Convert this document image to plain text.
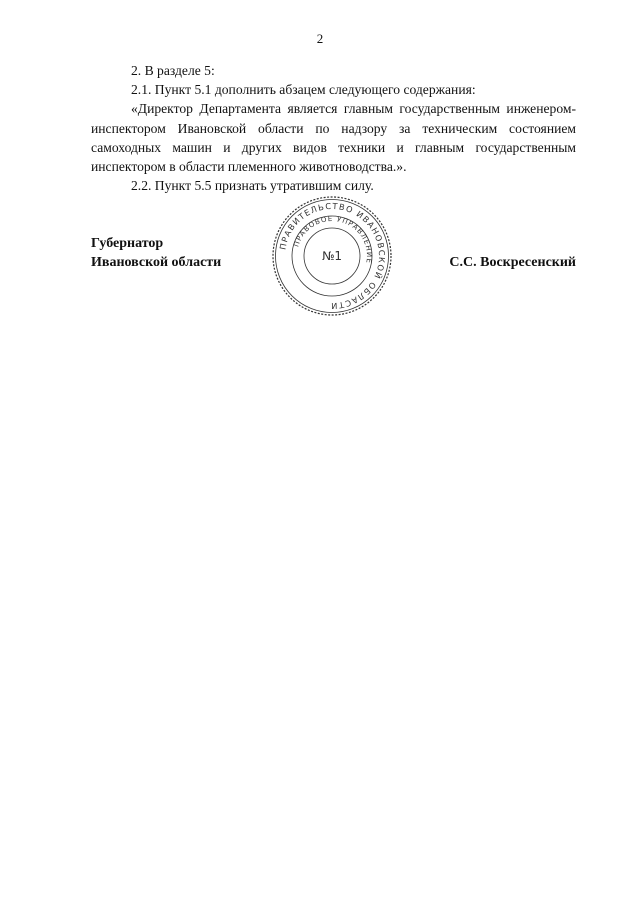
2

2. В разделе 5:

2.1. Пункт 5.1 дополнить абзацем следующего содержания:

«Директор Департамента является главным государственным инженером-инспектором Ивановской области по надзору за техническим состоянием самоходных машин и других видов техники и главным государственным инспектором в области племенного животноводства.».

2.2. Пункт 5.5 признать утратившим силу.

Губернатор
Ивановской области	С.С. Воскресенский
ПРАВИТЕЛЬСТВО ИВАНОВСКОЙ ОБЛАСТИ
ПРАВОВОЕ УПРАВЛЕНИЕ
№1
